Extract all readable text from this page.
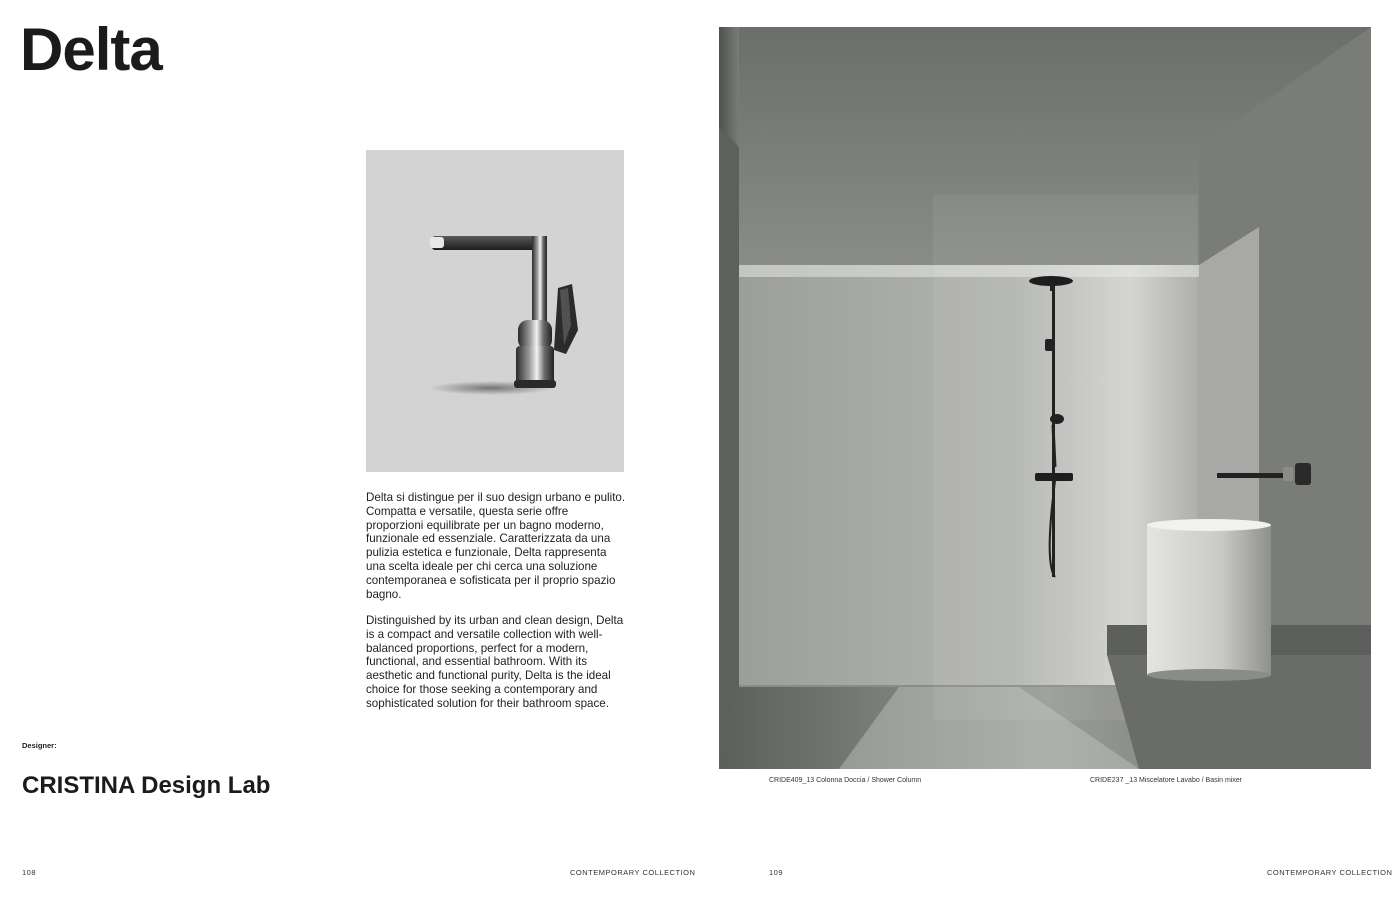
Delta
Delta si distingue per il suo design urbano e pulito. Compatta e versatile, questa serie offre proporzioni equilibrate per un bagno moderno, funzionale ed essenziale. Caratterizzata da una pulizia estetica e funzionale, Delta rappresenta una scelta ideale per chi cerca una soluzione contemporanea e sofisticata per il proprio spazio bagno.
Distinguished by its urban and clean design, Delta is a compact and versatile collection with well-balanced proportions, perfect for a modern, functional, and essential bathroom. With its aesthetic and functional purity, Delta is the ideal choice for those seeking a contemporary and sophisticated solution for their bathroom space.
Designer:
CRISTINA Design Lab	CRIDE409_13 Colonna Doccia / Shower Column	CRIDE237 _13 Miscelatore Lavabo / Basin mixer
108	CONTEMPORARY COLLECTION	109	CONTEMPORARY COLLECTION
